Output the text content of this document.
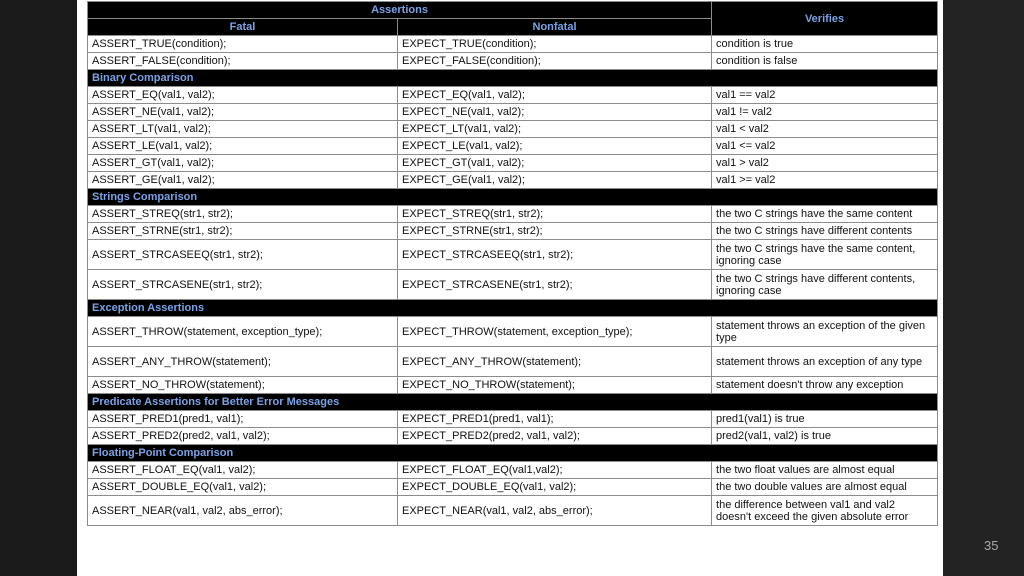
Assertions		Verifies
Fatal	Nonfatal	
ASSERT_TRUE(condition);	EXPECT_TRUE(condition);	condition is true
ASSERT_FALSE(condition);	EXPECT_FALSE(condition);	condition is false
Binary Comparison		
ASSERT_EQ(val1, val2);	EXPECT_EQ(val1, val2);	val1 == val2
ASSERT_NE(val1, val2);	EXPECT_NE(val1, val2);	val1 != val2
ASSERT_LT(val1, val2);	EXPECT_LT(val1, val2);	val1 < val2
ASSERT_LE(val1, val2);	EXPECT_LE(val1, val2);	val1 <= val2
ASSERT_GT(val1, val2);	EXPECT_GT(val1, val2);	val1 > val2
ASSERT_GE(val1, val2);	EXPECT_GE(val1, val2);	val1 >= val2
Strings Comparison		
ASSERT_STREQ(str1, str2);	EXPECT_STREQ(str1, str2);	the two C strings have the same content
ASSERT_STRNE(str1, str2);	EXPECT_STRNE(str1, str2);	the two C strings have different contents
ASSERT_STRCASEEQ(str1, str2);	EXPECT_STRCASEEQ(str1, str2);	the two C strings have the same content, ignoring case
ASSERT_STRCASENE(str1, str2);	EXPECT_STRCASENE(str1, str2);	the two C strings have different contents, ignoring case
Exception Assertions		
ASSERT_THROW(statement, exception_type);	EXPECT_THROW(statement, exception_type);	statement throws an exception of the given type
ASSERT_ANY_THROW(statement);	EXPECT_ANY_THROW(statement);	statement throws an exception of any type
ASSERT_NO_THROW(statement);	EXPECT_NO_THROW(statement);	statement doesn't throw any exception
Predicate Assertions for Better Error Messages		
ASSERT_PRED1(pred1, val1);	EXPECT_PRED1(pred1, val1);	pred1(val1) is true
ASSERT_PRED2(pred2, val1, val2);	EXPECT_PRED2(pred2, val1, val2);	pred2(val1, val2) is true
Floating-Point Comparison		
ASSERT_FLOAT_EQ(val1, val2);	EXPECT_FLOAT_EQ(val1,val2);	the two float values are almost equal
ASSERT_DOUBLE_EQ(val1, val2);	EXPECT_DOUBLE_EQ(val1, val2);	the two double values are almost equal
ASSERT_NEAR(val1, val2, abs_error);	EXPECT_NEAR(val1, val2, abs_error);	the difference between val1 and val2 doesn't exceed the given absolute error
35
